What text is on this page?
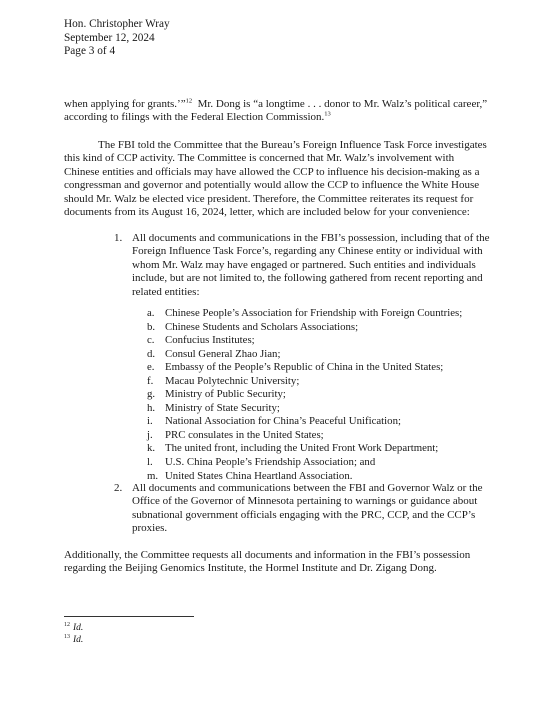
Hon. Christopher Wray
September 12, 2024
Page 3 of 4
when applying for grants.’”$^{12}$  Mr. Dong is “a longtime . . . donor to Mr. Walz’s political career,”
according to filings with the Federal Election Commission.$^{13}$
The FBI told the Committee that the Bureau’s Foreign Influence Task Force investigates
this kind of CCP activity. The Committee is concerned that Mr. Walz’s involvement with
Chinese entities and officials may have allowed the CCP to influence his decision-making as a
congressman and governor and potentially would allow the CCP to influence the White House
should Mr. Walz be elected vice president. Therefore, the Committee reiterates its request for
documents from its August 16, 2024, letter, which are included below for your convenience:
1. All documents and communications in the FBI’s possession, including that of the
Foreign Influence Task Force’s, regarding any Chinese entity or individual with
whom Mr. Walz may have engaged or partnered. Such entities and individuals
include, but are not limited to, the following gathered from recent reporting and
related entities:
a. Chinese People’s Association for Friendship with Foreign Countries;
b. Chinese Students and Scholars Associations;
c. Confucius Institutes;
d. Consul General Zhao Jian;
e. Embassy of the People’s Republic of China in the United States;
f. Macau Polytechnic University;
g. Ministry of Public Security;
h. Ministry of State Security;
i. National Association for China’s Peaceful Unification;
j. PRC consulates in the United States;
k. The united front, including the United Front Work Department;
l. U.S. China People’s Friendship Association; and
m. United States China Heartland Association.
2. All documents and communications between the FBI and Governor Walz or the
Office of the Governor of Minnesota pertaining to warnings or guidance about
subnational government officials engaging with the PRC, CCP, and the CCP’s
proxies.
Additionally, the Committee requests all documents and information in the FBI’s possession
regarding the Beijing Genomics Institute, the Hormel Institute and Dr. Zigang Dong.
$^{12}$ Id.
$^{13}$ Id.
